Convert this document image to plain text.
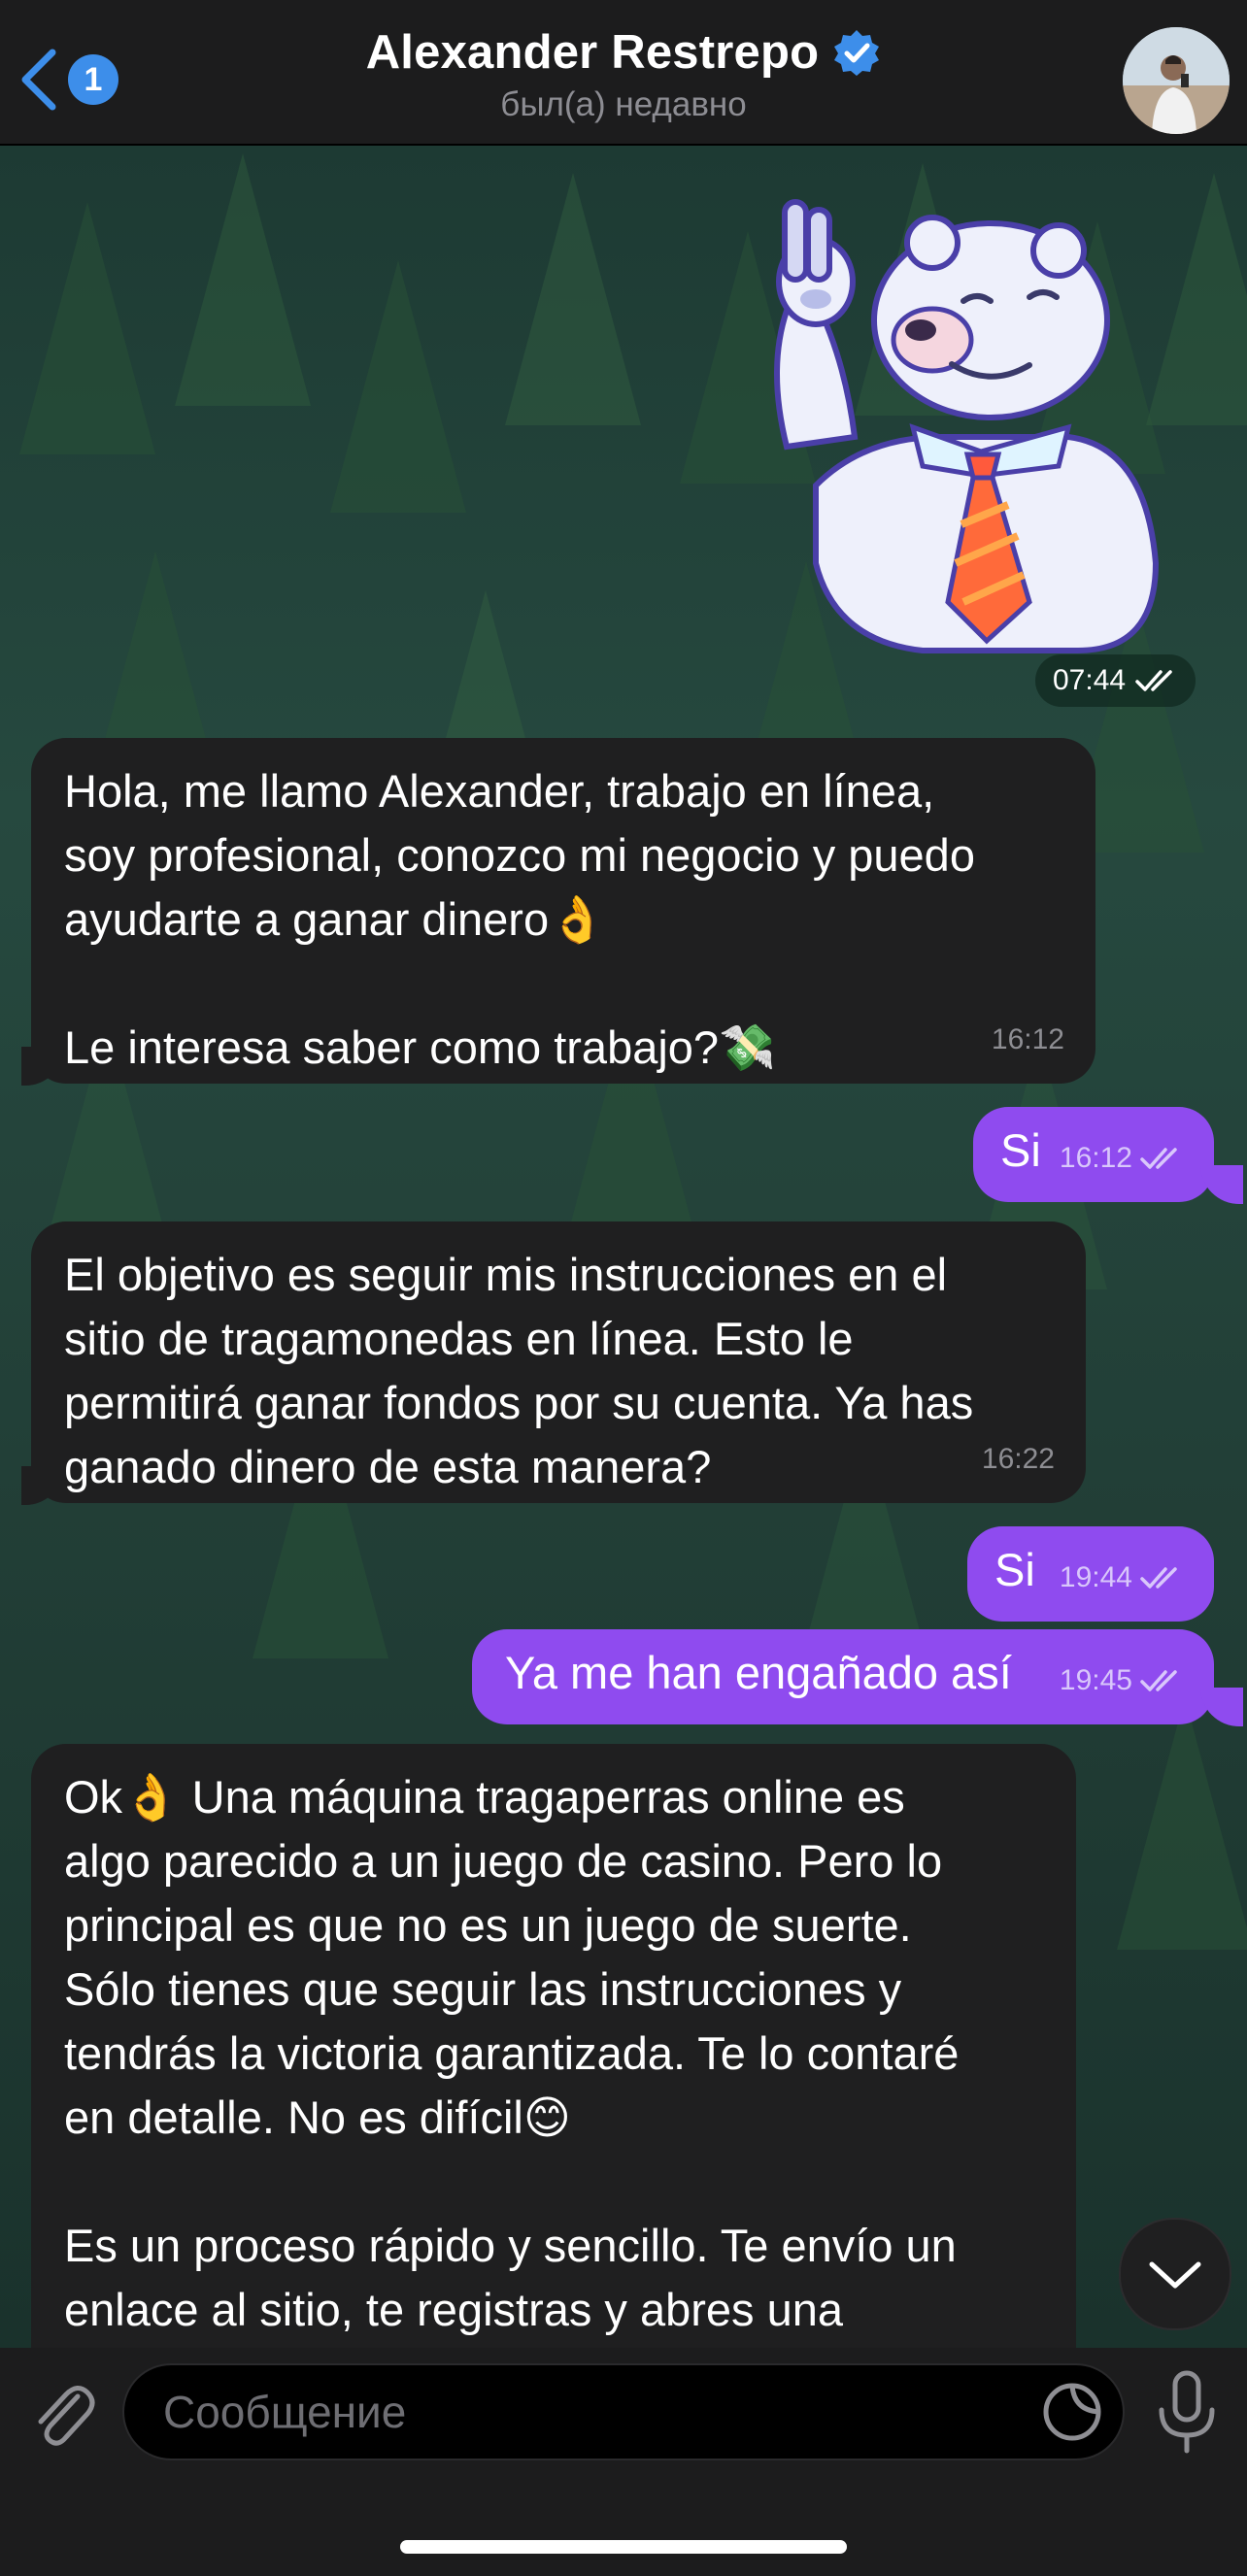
1
Alexander Restrepo
был(а) недавно
07:44
Hola, me llamo Alexander, trabajo en línea,
soy profesional, conozco mi negocio y puedo
ayudarte a ganar dinero👌

Le interesa saber como trabajo?💸	16:12
Si 16:12
El objetivo es seguir mis instrucciones en el
sitio de tragamonedas en línea. Esto le
permitirá ganar fondos por su cuenta. Ya has
ganado dinero de esta manera?	16:22
Si 19:44
Ya me han engañado así 19:45
Ok👌 Una máquina tragaperras online es
algo parecido a un juego de casino. Pero lo
principal es que no es un juego de suerte.
Sólo tienes que seguir las instrucciones y
tendrás la victoria garantizada. Te lo contaré
en detalle. No es difícil😊

Es un proceso rápido y sencillo. Te envío un
enlace al sitio, te registras y abres una
Сообщение
